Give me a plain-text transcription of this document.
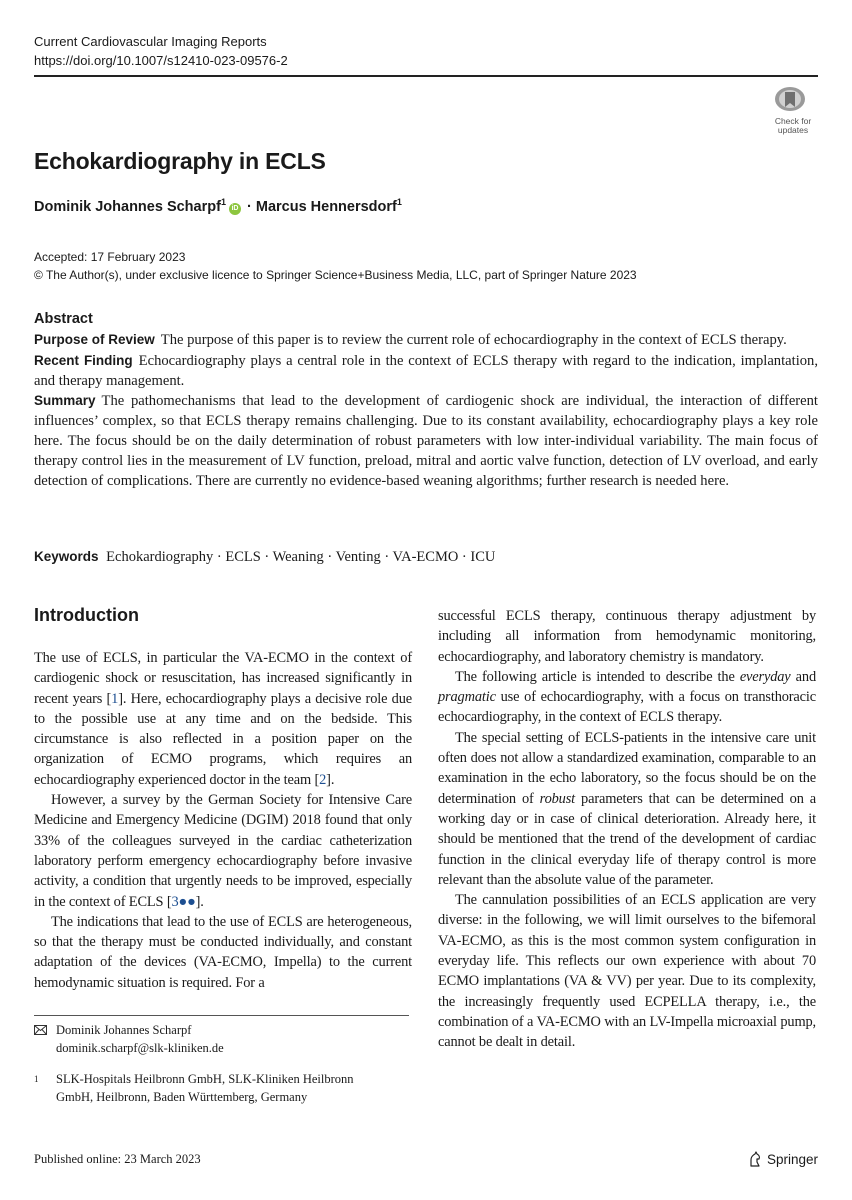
Current Cardiovascular Imaging Reports
https://doi.org/10.1007/s12410-023-09576-2
Check for
updates
Echokardiography in ECLS
Dominik Johannes Scharpf$^1$iD · Marcus Hennersdorf$^1$
Accepted: 17 February 2023
© The Author(s), under exclusive licence to Springer Science+Business Media, LLC, part of Springer Nature 2023
Abstract

Purpose of Review The purpose of this paper is to review the current role of echocardiography in the context of ECLS therapy.

Recent Finding Echocardiography plays a central role in the context of ECLS therapy with regard to the indication, implantation, and therapy management.

Summary The pathomechanisms that lead to the development of cardiogenic shock are individual, the interaction of different influences’ complex, so that ECLS therapy remains challenging. Due to its constant availability, echocardiography plays a key role here. The focus should be on the daily determination of robust parameters with low inter-individual variability. The main focus of therapy control lies in the measurement of LV function, preload, mitral and aortic valve function, detection of LV overload, and early detection of complications. There are currently no evidence-based weaning algorithms; further research is needed here.

Keywords Echokardiography · ECLS · Weaning · Venting · VA-ECMO · ICU
Introduction

The use of ECLS, in particular the VA-ECMO in the context of cardiogenic shock or resuscitation, has increased significantly in recent years [1]. Here, echocardiography plays a decisive role due to the possible use at any time and on the bedside. This circumstance is also reflected in a position paper on the organization of ECMO programs, which requires an echocardiography experienced doctor in the team [2].

However, a survey by the German Society for Intensive Care Medicine and Emergency Medicine (DGIM) 2018 found that only 33% of the colleagues surveyed in the cardiac catheterization laboratory perform emergency echocardiography before invasive activity, a condition that urgently needs to be improved, especially in the context of ECLS [3●●].

The indications that lead to the use of ECLS are heterogeneous, so that the therapy must be conducted individually, and constant adaptation of the devices (VA-ECMO, Impella) to the current hemodynamic situation is required. For a

successful ECLS therapy, continuous therapy adjustment by including all information from hemodynamic monitoring, echocardiography, and laboratory chemistry is mandatory.

The following article is intended to describe the everyday and pragmatic use of echocardiography, with a focus on transthoracic echocardiography, in the context of ECLS therapy.

The special setting of ECLS-patients in the intensive care unit often does not allow a standardized examination, comparable to an examination in the echo laboratory, so the focus should be on the determination of robust parameters that can be determined on a working day or in case of clinical deterioration. Already here, it should be mentioned that the trend of the development of cardiac function in the clinical everyday life of therapy control is more relevant than the absolute value of the parameter.

The cannulation possibilities of an ECLS application are very diverse: in the following, we will limit ourselves to the bifemoral VA-ECMO, as this is the most common system configuration in everyday life. This reflects our own experience with about 70 ECMO implantations (VA & VV) per year. Due to its complexity, the increasingly frequently used ECPELLA therapy, i.e., the combination of a VA-ECMO with an LV-Impella microaxial pump, cannot be dealt in detail.

Dominik Johannes Scharpf
dominik.scharpf@slk-kliniken.de
1 SLK-Hospitals Heilbronn GmbH, SLK-Kliniken Heilbronn
GmbH, Heilbronn, Baden Württemberg, Germany
Published online: 23 March 2023	Springer
